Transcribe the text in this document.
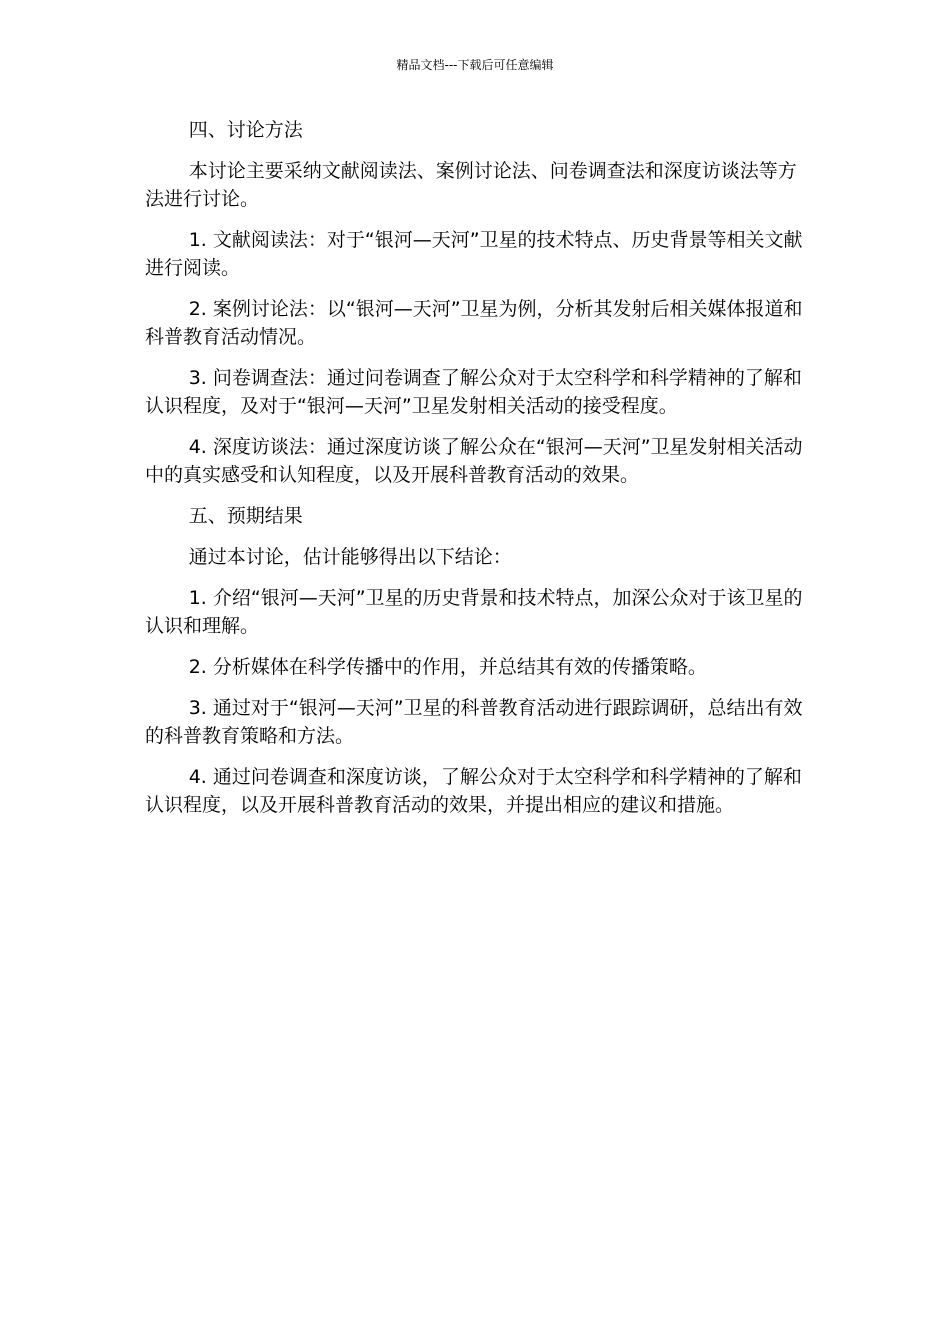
精品文档---下载后可任意编辑

四、讨论方法

本讨论主要采纳文献阅读法、案例讨论法、问卷调查法和深度访谈法等方法进行讨论。

1. 文献阅读法：对于“银河—天河”卫星的技术特点、历史背景等相关文献进行阅读。

2. 案例讨论法：以“银河—天河”卫星为例，分析其发射后相关媒体报道和科普教育活动情况。

3. 问卷调查法：通过问卷调查了解公众对于太空科学和科学精神的了解和认识程度，及对于“银河—天河”卫星发射相关活动的接受程度。

4. 深度访谈法：通过深度访谈了解公众在“银河—天河”卫星发射相关活动中的真实感受和认知程度，以及开展科普教育活动的效果。

五、预期结果

通过本讨论，估计能够得出以下结论：

1. 介绍“银河—天河”卫星的历史背景和技术特点，加深公众对于该卫星的认识和理解。

2. 分析媒体在科学传播中的作用，并总结其有效的传播策略。

3. 通过对于“银河—天河”卫星的科普教育活动进行跟踪调研，总结出有效的科普教育策略和方法。

4. 通过问卷调查和深度访谈，了解公众对于太空科学和科学精神的了解和认识程度，以及开展科普教育活动的效果，并提出相应的建议和措施。
